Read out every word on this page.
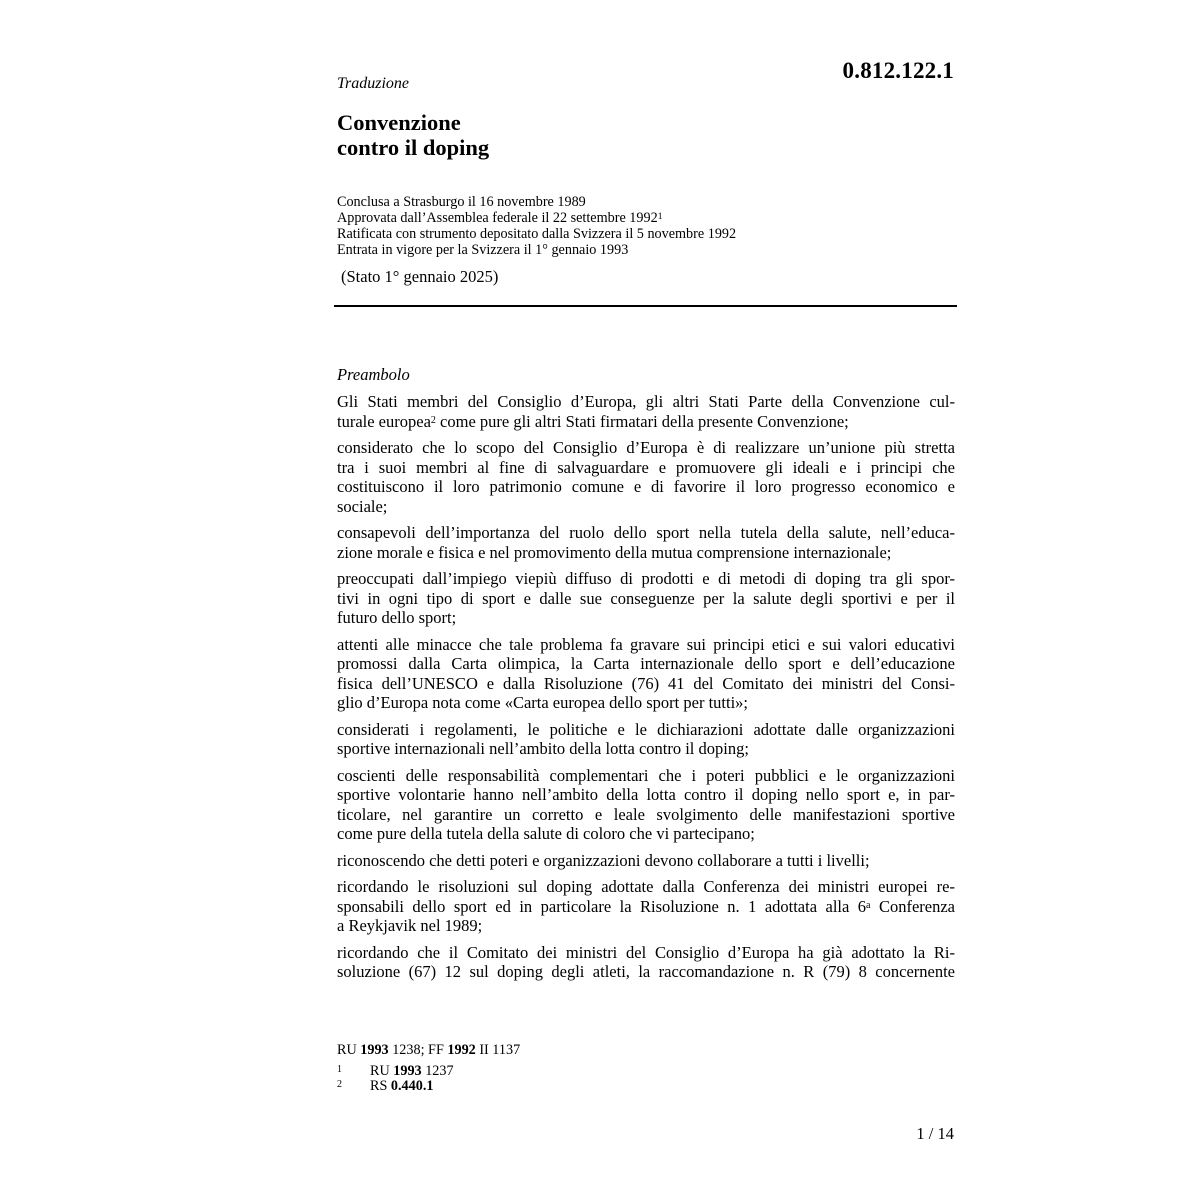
0.812.122.1
Traduzione
Convenzione
contro il doping
Conclusa a Strasburgo il 16 novembre 1989
Approvata dall’Assemblea federale il 22 settembre 1992$^1$
Ratificata con strumento depositato dalla Svizzera il 5 novembre 1992
Entrata in vigore per la Svizzera il 1° gennaio 1993
(Stato 1° gennaio 2025)
Preambolo

Gli Stati membri del Consiglio d’Europa, gli altri Stati Parte della Convenzione cul-
turale europea$^2$ come pure gli altri Stati firmatari della presente Convenzione;

considerato che lo scopo del Consiglio d’Europa è di realizzare un’unione più stretta
tra i suoi membri al fine di salvaguardare e promuovere gli ideali e i principi che
costituiscono il loro patrimonio comune e di favorire il loro progresso economico e
sociale;

consapevoli dell’importanza del ruolo dello sport nella tutela della salute, nell’educa-
zione morale e fisica e nel promovimento della mutua comprensione internazionale;

preoccupati dall’impiego viepiù diffuso di prodotti e di metodi di doping tra gli spor-
tivi in ogni tipo di sport e dalle sue conseguenze per la salute degli sportivi e per il
futuro dello sport;

attenti alle minacce che tale problema fa gravare sui principi etici e sui valori educativi
promossi dalla Carta olimpica, la Carta internazionale dello sport e dell’educazione
fisica dell’UNESCO e dalla Risoluzione (76) 41 del Comitato dei ministri del Consi-
glio d’Europa nota come «Carta europea dello sport per tutti»;

considerati i regolamenti, le politiche e le dichiarazioni adottate dalle organizzazioni
sportive internazionali nell’ambito della lotta contro il doping;

coscienti delle responsabilità complementari che i poteri pubblici e le organizzazioni
sportive volontarie hanno nell’ambito della lotta contro il doping nello sport e, in par-
ticolare, nel garantire un corretto e leale svolgimento delle manifestazioni sportive
come pure della tutela della salute di coloro che vi partecipano;

riconoscendo che detti poteri e organizzazioni devono collaborare a tutti i livelli;

ricordando le risoluzioni sul doping adottate dalla Conferenza dei ministri europei re-
sponsabili dello sport ed in particolare la Risoluzione n. 1 adottata alla 6$^a$ Conferenza
a Reykjavik nel 1989;

ricordando che il Comitato dei ministri del Consiglio d’Europa ha già adottato la Ri-
soluzione (67) 12 sul doping degli atleti, la raccomandazione n. R (79) 8 concernente

RU 1993 1238; FF 1992 II 1137
1	RU 1993 1237
2	RS 0.440.1
1 / 14
